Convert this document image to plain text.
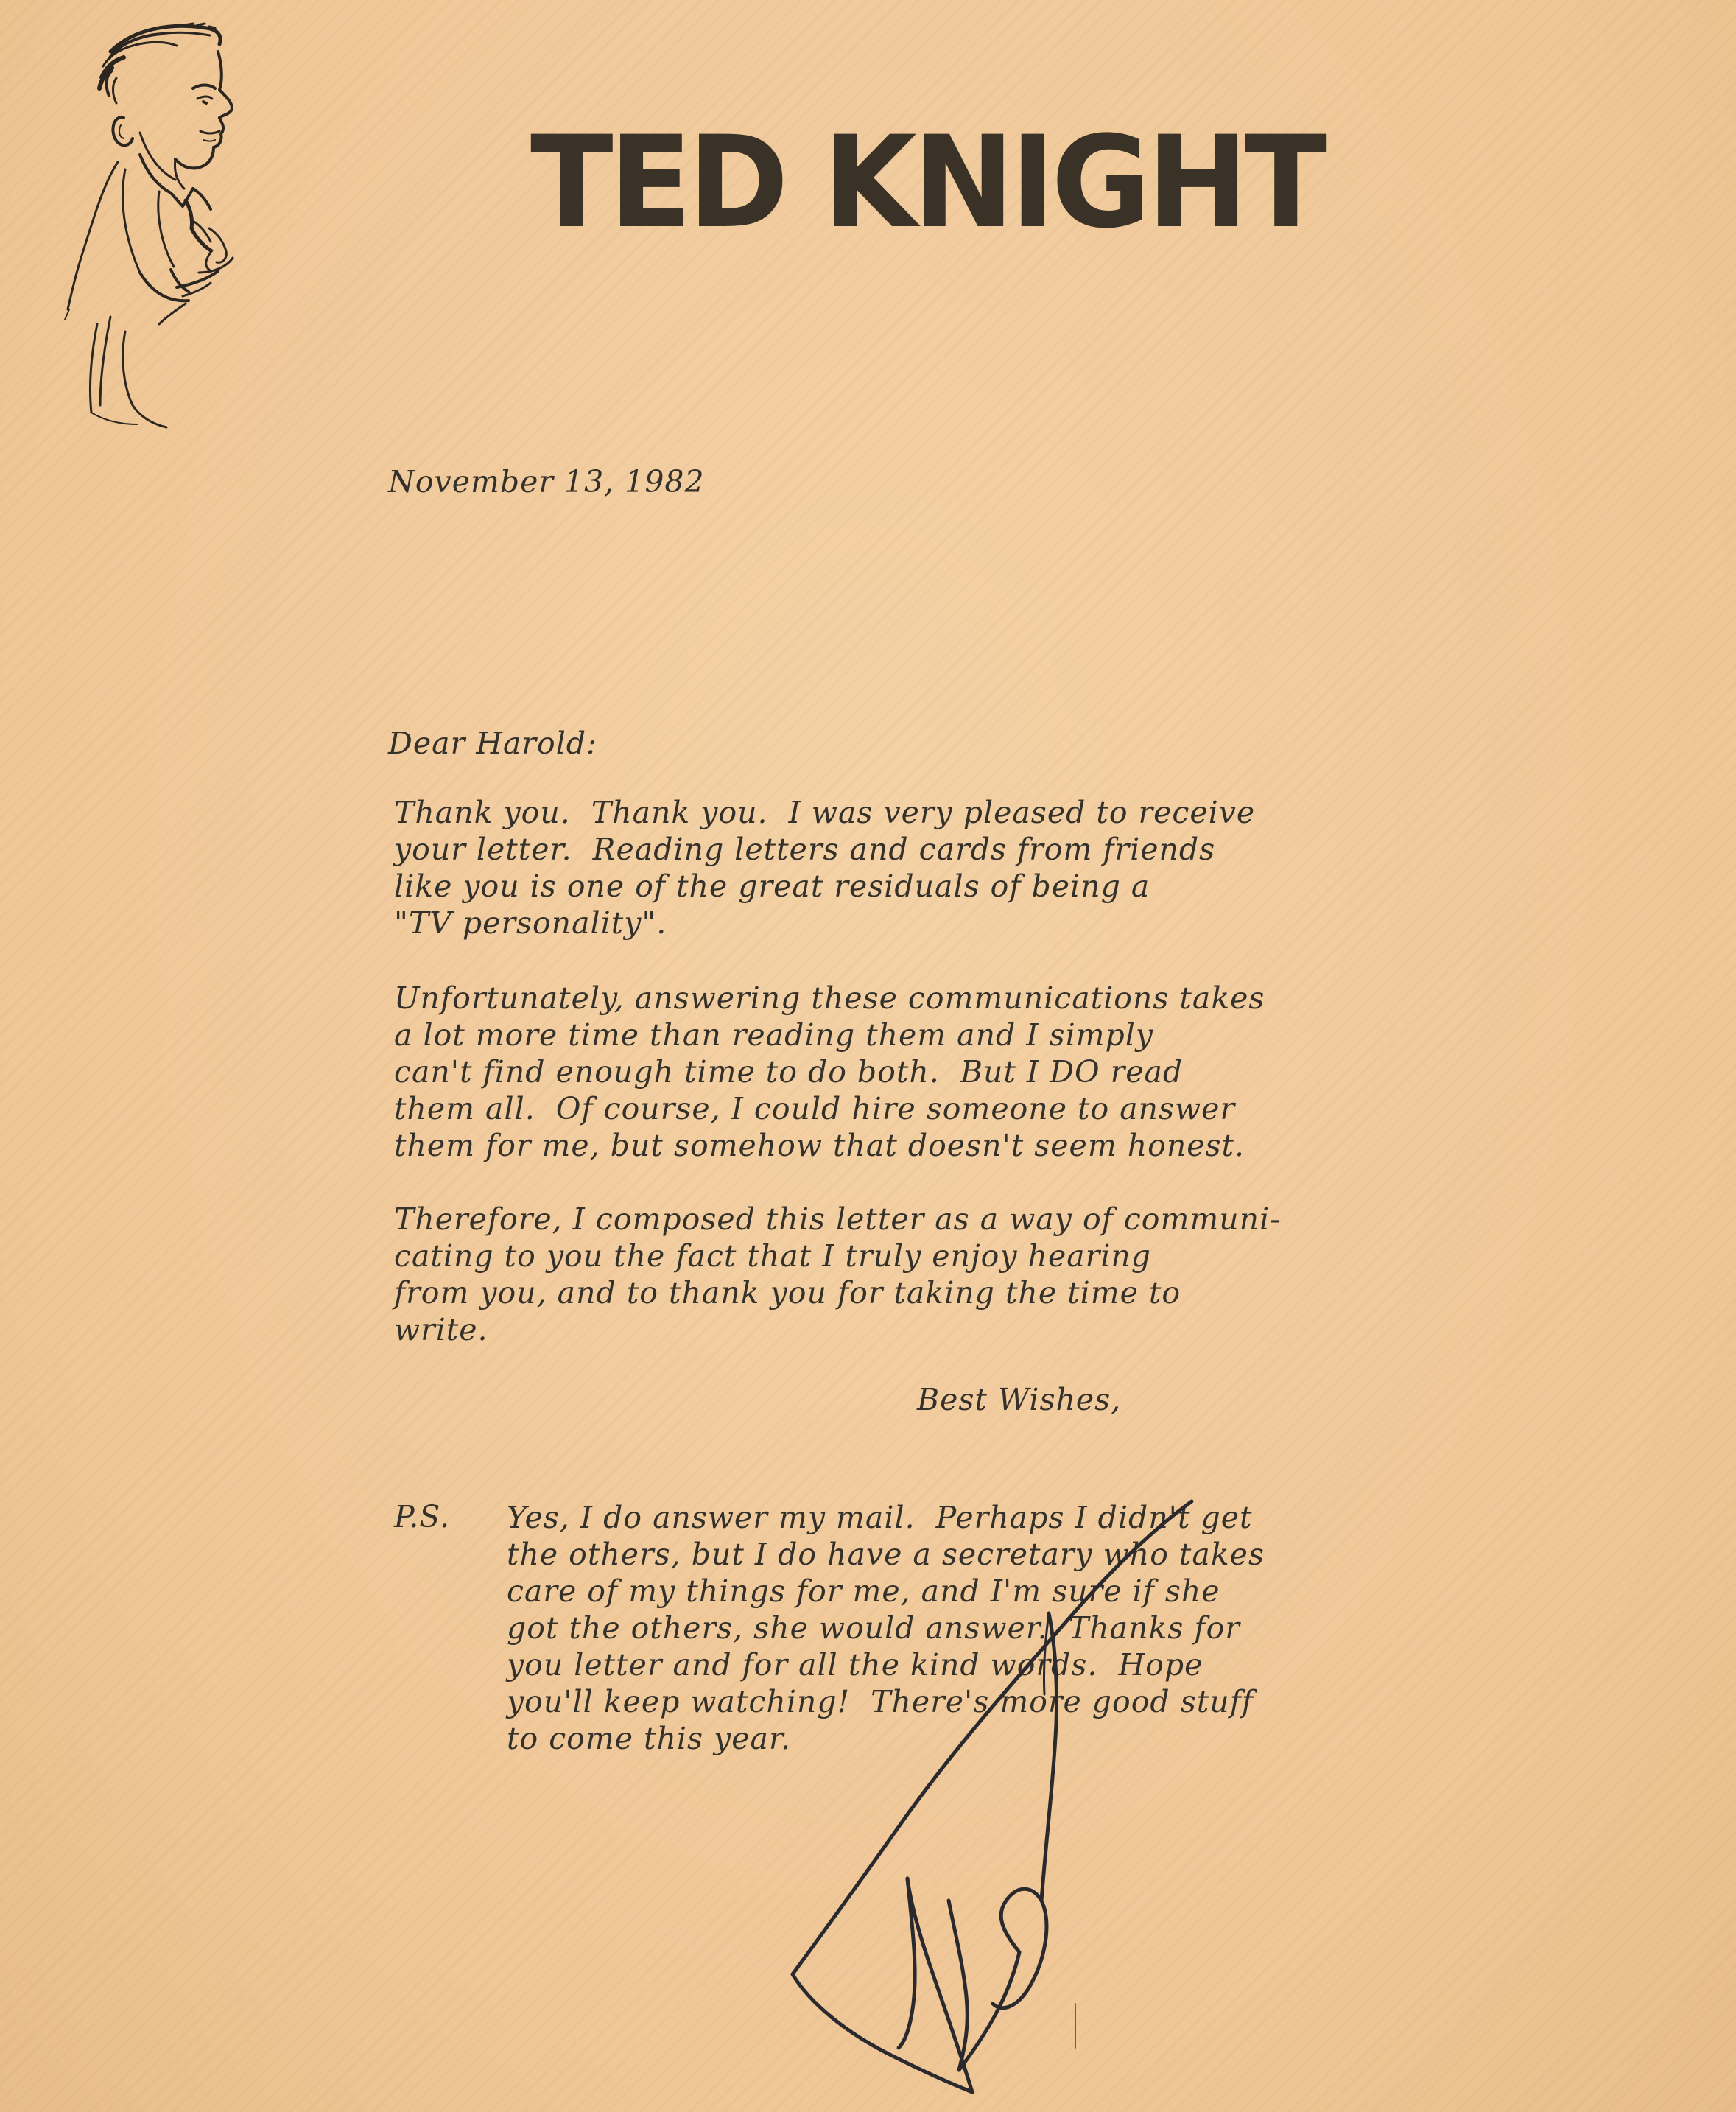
TED KNIGHT

November 13, 1982

Dear Harold:

Thank you.  Thank you.  I was very pleased to receive
your letter.  Reading letters and cards from friends
like you is one of the great residuals of being a
"TV personality".

Unfortunately, answering these communications takes
a lot more time than reading them and I simply
can't find enough time to do both.  But I DO read
them all.  Of course, I could hire someone to answer
them for me, but somehow that doesn't seem honest.

Therefore, I composed this letter as a way of communi-
cating to you the fact that I truly enjoy hearing
from you, and to thank you for taking the time to
write.

Best Wishes,

P.S. Yes, I do answer my mail.  Perhaps I didn't get
the others, but I do have a secretary who takes
care of my things for me, and I'm sure if she
got the others, she would answer.  Thanks for
you letter and for all the kind words.  Hope
you'll keep watching!  There's more good stuff
to come this year.
